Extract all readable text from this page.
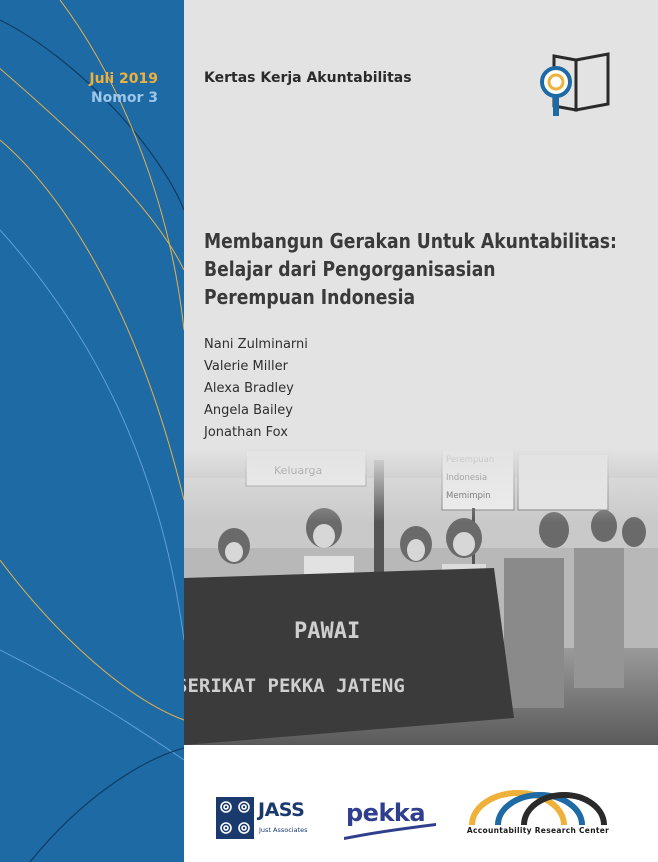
Juli 2019
Nomor 3
Kertas Kerja Akuntabilitas
Membangun Gerakan Untuk Akuntabilitas:
Belajar dari Pengorganisasian
Perempuan Indonesia
Nani Zulminarni
Valerie Miller
Alexa Bradley
Angela Bailey
Jonathan Fox
JASS
Just Associates
pekka
Accountability Research Center
